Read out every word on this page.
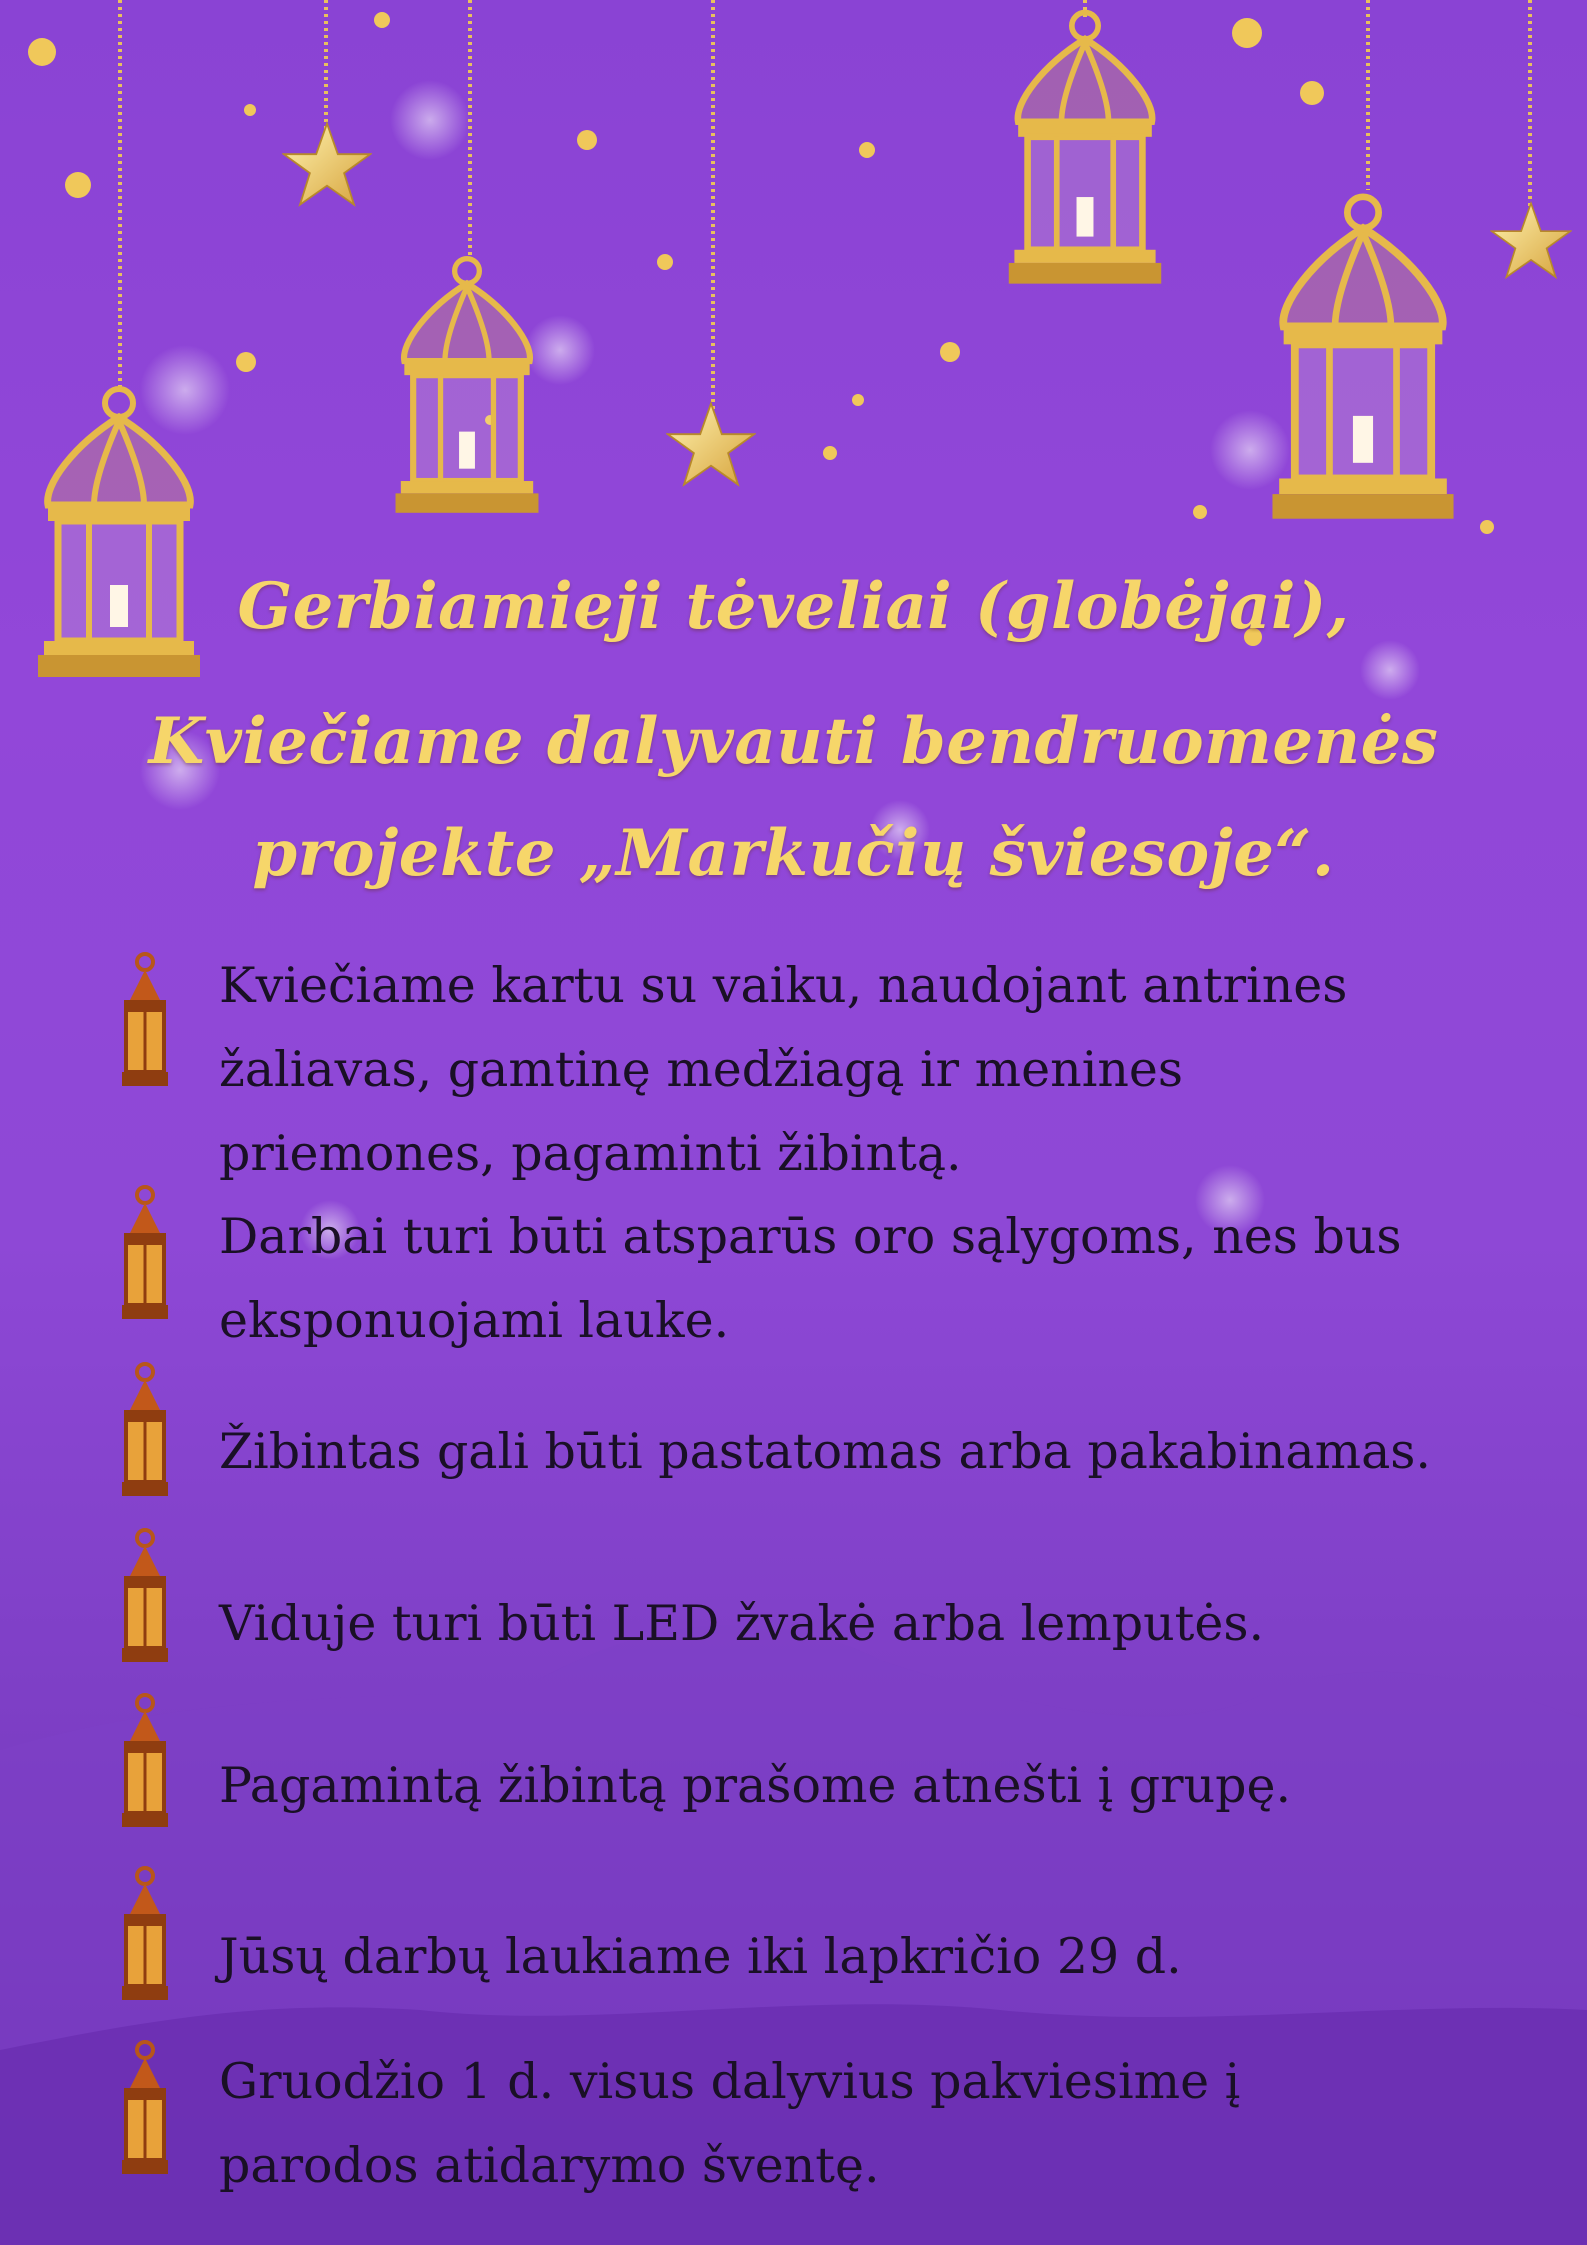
Gerbiamieji tėveliai (globėjai),
Kviečiame dalyvauti bendruomenės
projekte „Markučių šviesoje“.
Kviečiame kartu su vaiku, naudojant antrines
žaliavas, gamtinę medžiagą ir menines
priemones, pagaminti žibintą.
Darbai turi būti atsparūs oro sąlygoms, nes bus
eksponuojami lauke.
Žibintas gali būti pastatomas arba pakabinamas.
Viduje turi būti LED žvakė arba lemputės.
Pagamintą žibintą prašome atnešti į grupę.
Jūsų darbų laukiame iki lapkričio 29 d.
Gruodžio 1 d. visus dalyvius pakviesime į
parodos atidarymo šventę.
